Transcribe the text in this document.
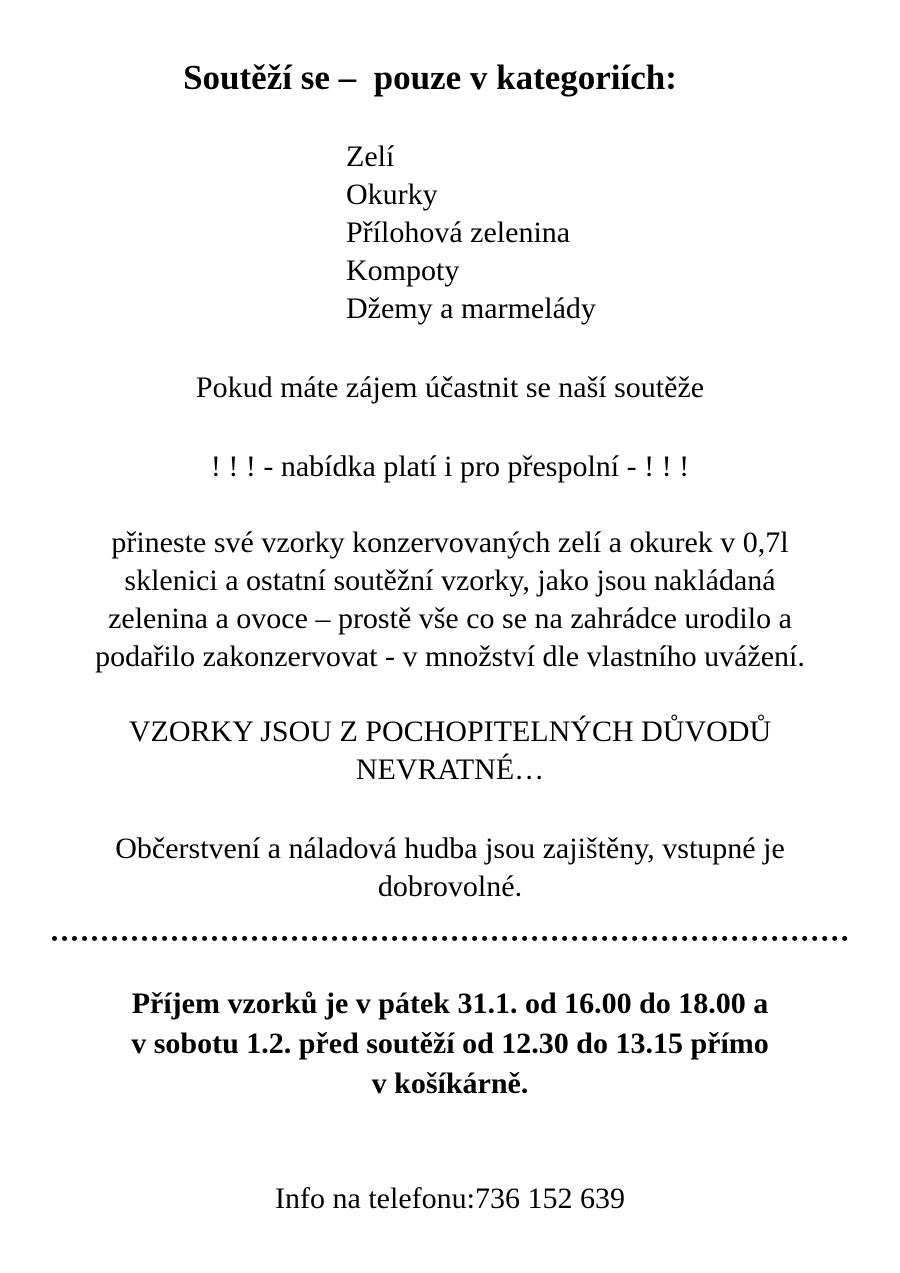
Soutěží se –  pouze v kategoriích:
Zelí
Okurky
Přílohová zelenina
Kompoty
Džemy a marmelády
Pokud máte zájem účastnit se naší soutěže
! ! ! - nabídka platí i pro přespolní - ! ! !
přineste své vzorky konzervovaných zelí a okurek v 0,7l
sklenici a ostatní soutěžní vzorky, jako jsou nakládaná
zelenina a ovoce – prostě vše co se na zahrádce urodilo a
podařilo zakonzervovat - v množství dle vlastního uvážení.
VZORKY JSOU Z POCHOPITELNÝCH DŮVODŮ
NEVRATNÉ…
Občerstvení a náladová hudba jsou zajištěny, vstupné je
dobrovolné.
Příjem vzorků je v pátek 31.1. od 16.00 do 18.00 a
v sobotu 1.2. před soutěží od 12.30 do 13.15 přímo
v košíkárně.
Info na telefonu:736 152 639
